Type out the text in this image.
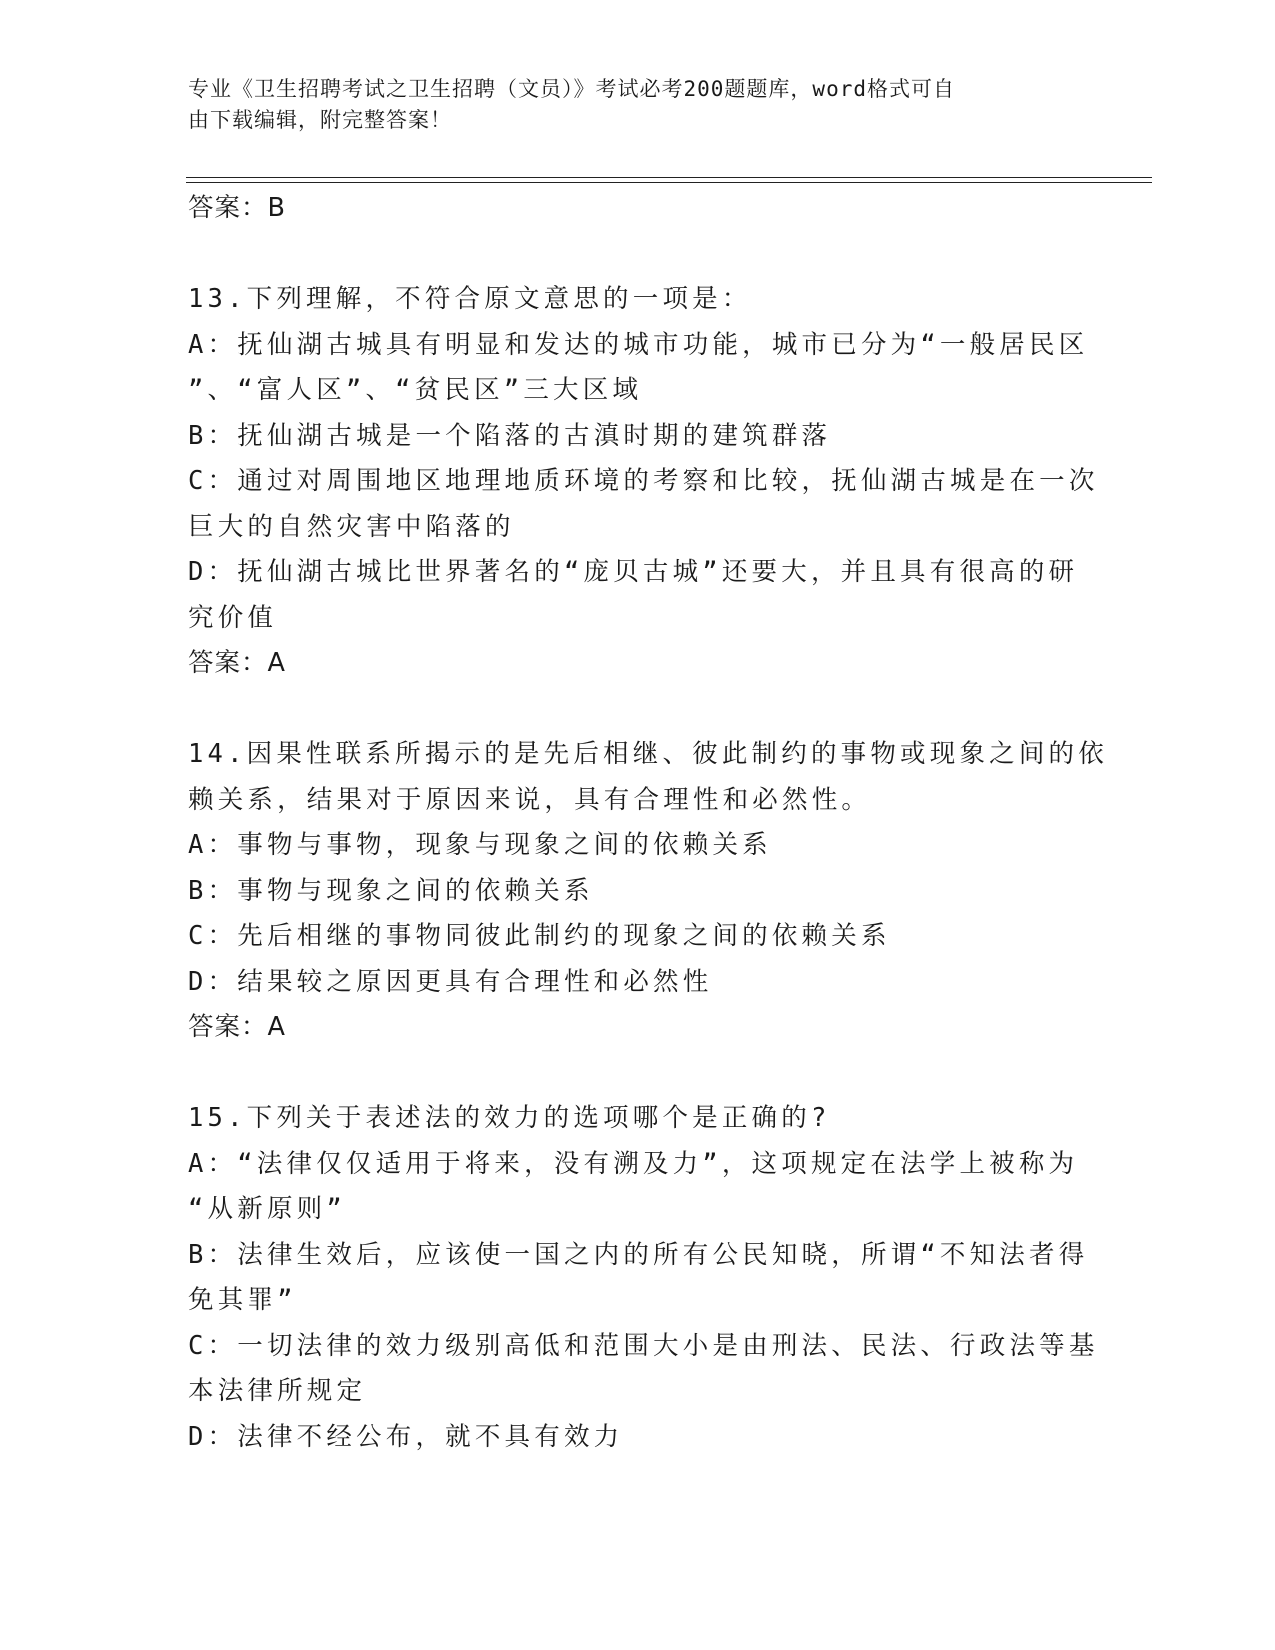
专业《卫生招聘考试之卫生招聘（文员）》考试必考200题题库，word格式可自
由下载编辑，附完整答案！
答案：B
13.下列理解，不符合原文意思的一项是：
A：抚仙湖古城具有明显和发达的城市功能，城市已分为“一般居民区
”、“富人区”、“贫民区”三大区域
B：抚仙湖古城是一个陷落的古滇时期的建筑群落
C：通过对周围地区地理地质环境的考察和比较，抚仙湖古城是在一次
巨大的自然灾害中陷落的
D：抚仙湖古城比世界著名的“庞贝古城”还要大，并且具有很高的研
究价值
答案：A
14.因果性联系所揭示的是先后相继、彼此制约的事物或现象之间的依
赖关系，结果对于原因来说，具有合理性和必然性。
A：事物与事物，现象与现象之间的依赖关系
B：事物与现象之间的依赖关系
C：先后相继的事物同彼此制约的现象之间的依赖关系
D：结果较之原因更具有合理性和必然性
答案：A
15.下列关于表述法的效力的选项哪个是正确的?
A：“法律仅仅适用于将来，没有溯及力”，这项规定在法学上被称为
“从新原则”
B：法律生效后，应该使一国之内的所有公民知晓，所谓“不知法者得
免其罪”
C：一切法律的效力级别高低和范围大小是由刑法、民法、行政法等基
本法律所规定
D：法律不经公布，就不具有效力
